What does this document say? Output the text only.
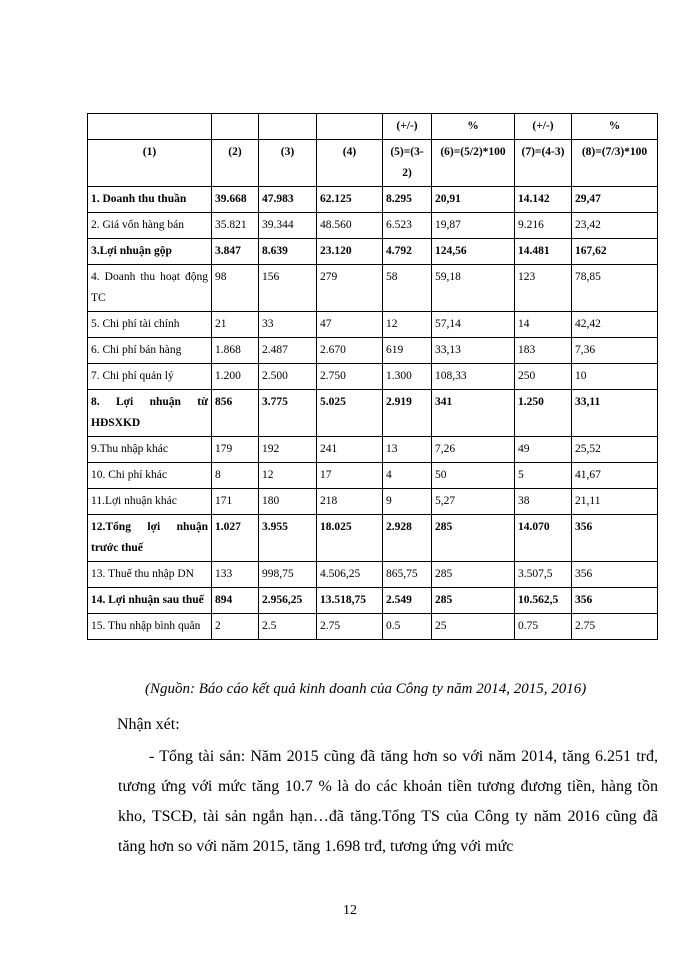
				(+/-)	%	(+/-)	%
(1)	(2)	(3)	(4)	(5)=(3-2)	(6)=(5/2)*100	(7)=(4-3)	(8)=(7/3)*100
1. Doanh thu thuần	39.668	47.983	62.125	8.295	20,91	14.142	29,47
2. Giá vốn hàng bán	35.821	39.344	48.560	6.523	19,87	9.216	23,42
3.Lợi nhuận gộp	3.847	8.639	23.120	4.792	124,56	14.481	167,62
4. Doanh thu hoạt động TC	98	156	279	58	59,18	123	78,85
5. Chi phí tài chính	21	33	47	12	57,14	14	42,42
6. Chi phí bán hàng	1.868	2.487	2.670	619	33,13	183	7,36
7. Chi phí quản lý	1.200	2.500	2.750	1.300	108,33	250	10
8. Lợi nhuận từ HĐSXKD	856	3.775	5.025	2.919	341	1.250	33,11
9.Thu nhập khác	179	192	241	13	7,26	49	25,52
10. Chi phí khác	8	12	17	4	50	5	41,67
11.Lợi nhuận khác	171	180	218	9	5,27	38	21,11
12.Tổng lợi nhuận trước thuế	1.027	3.955	18.025	2.928	285	14.070	356
13. Thuế thu nhập DN	133	998,75	4.506,25	865,75	285	3.507,5	356
14. Lợi nhuận sau thuế	894	2.956,25	13.518,75	2.549	285	10.562,5	356
15. Thu nhập bình quân	2	2.5	2.75	0.5	25	0.75	2.75
(Nguồn: Báo cáo kết quả kinh doanh của Công ty năm 2014, 2015, 2016)
Nhận xét:
- Tổng tài sản: Năm 2015 cũng đã tăng hơn so với năm 2014, tăng 6.251 trđ, tương ứng với mức tăng 10.7 % là do các khoản tiền tương đương tiền, hàng tồn kho, TSCĐ, tài sản ngắn hạn…đã tăng.Tổng TS của Công ty năm 2016 cũng đã tăng hơn so với năm 2015, tăng 1.698 trđ, tương ứng với mức
12
